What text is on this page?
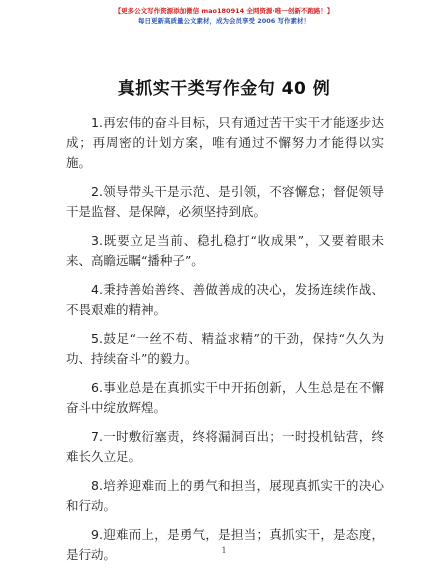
【更多公文写作资源添加微信 mao180914 全网资源·唯一创新不跑路！】
每日更新高质量公文素材，成为会员享受 2006 写作素材！
真抓实干类写作金句 40 例

1.再宏伟的奋斗目标，只有通过苦干实干才能逐步达成；再周密的计划方案，唯有通过不懈努力才能得以实施。

2.领导带头干是示范、是引领，不容懈怠；督促领导干是监督、是保障，必须坚持到底。

3.既要立足当前、稳扎稳打“收成果”，又要着眼未来、高瞻远瞩“播种子”。

4.秉持善始善终、善做善成的决心，发扬连续作战、不畏艰难的精神。

5.鼓足“一丝不苟、精益求精”的干劲，保持“久久为功、持续奋斗”的毅力。

6.事业总是在真抓实干中开拓创新，人生总是在不懈奋斗中绽放辉煌。

7.一时敷衍塞责，终将漏洞百出；一时投机钻营，终难长久立足。

8.培养迎难而上的勇气和担当，展现真抓实干的决心和行动。

9.迎难而上，是勇气，是担当；真抓实干，是态度，是行动。	1
